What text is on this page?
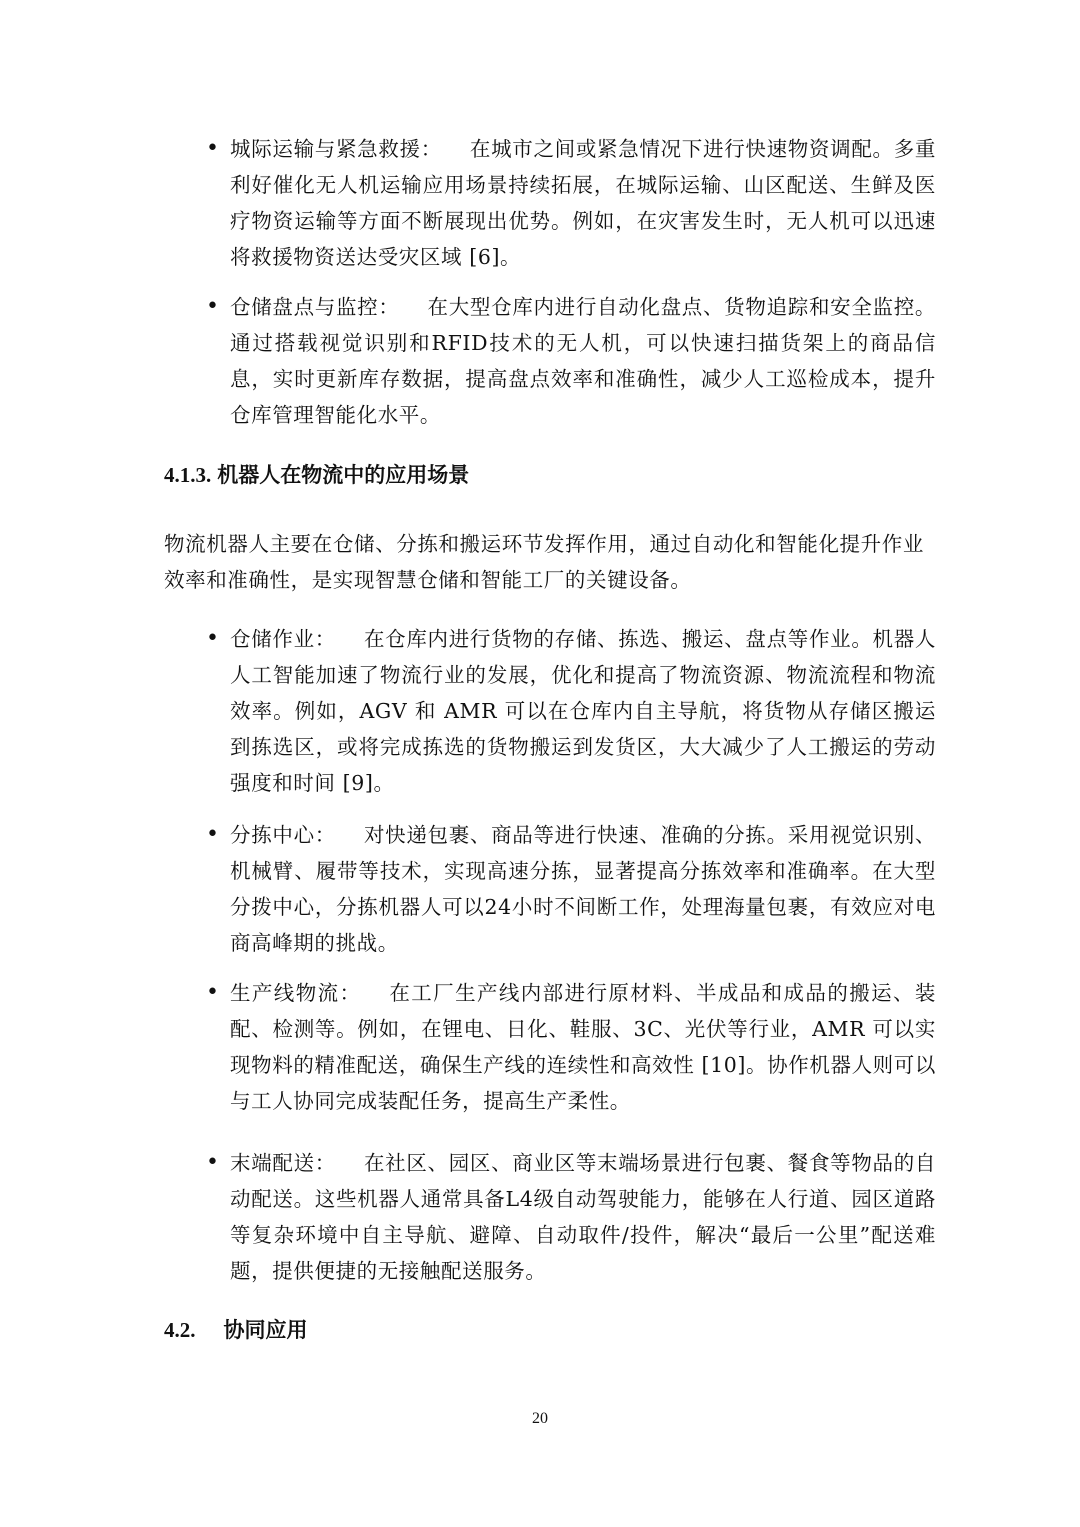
• 城际运输与紧急救援： 在城市之间或紧急情况下进行快速物资调配。多重利好催化无人机运输应用场景持续拓展，在城际运输、山区配送、生鲜及医疗物资运输等方面不断展现出优势。例如，在灾害发生时，无人机可以迅速将救援物资送达受灾区域 [6]。
• 仓储盘点与监控： 在大型仓库内进行自动化盘点、货物追踪和安全监控。通过搭载视觉识别和RFID技术的无人机，可以快速扫描货架上的商品信息，实时更新库存数据，提高盘点效率和准确性，减少人工巡检成本，提升仓库管理智能化水平。
4.1.3. 机器人在物流中的应用场景
物流机器人主要在仓储、分拣和搬运环节发挥作用，通过自动化和智能化提升作业效率和准确性，是实现智慧仓储和智能工厂的关键设备。
• 仓储作业： 在仓库内进行货物的存储、拣选、搬运、盘点等作业。机器人人工智能加速了物流行业的发展，优化和提高了物流资源、物流流程和物流效率。例如，AGV 和 AMR 可以在仓库内自主导航，将货物从存储区搬运到拣选区，或将完成拣选的货物搬运到发货区，大大减少了人工搬运的劳动强度和时间 [9]。
• 分拣中心： 对快递包裹、商品等进行快速、准确的分拣。采用视觉识别、机械臂、履带等技术，实现高速分拣，显著提高分拣效率和准确率。在大型分拨中心，分拣机器人可以24小时不间断工作，处理海量包裹，有效应对电商高峰期的挑战。
• 生产线物流： 在工厂生产线内部进行原材料、半成品和成品的搬运、装配、检测等。例如，在锂电、日化、鞋服、3C、光伏等行业，AMR 可以实现物料的精准配送，确保生产线的连续性和高效性 [10]。协作机器人则可以与工人协同完成装配任务，提高生产柔性。
• 末端配送： 在社区、园区、商业区等末端场景进行包裹、餐食等物品的自动配送。这些机器人通常具备L4级自动驾驶能力，能够在人行道、园区道路等复杂环境中自主导航、避障、自动取件/投件，解决“最后一公里”配送难题，提供便捷的无接触配送服务。
4.2. 协同应用
20
